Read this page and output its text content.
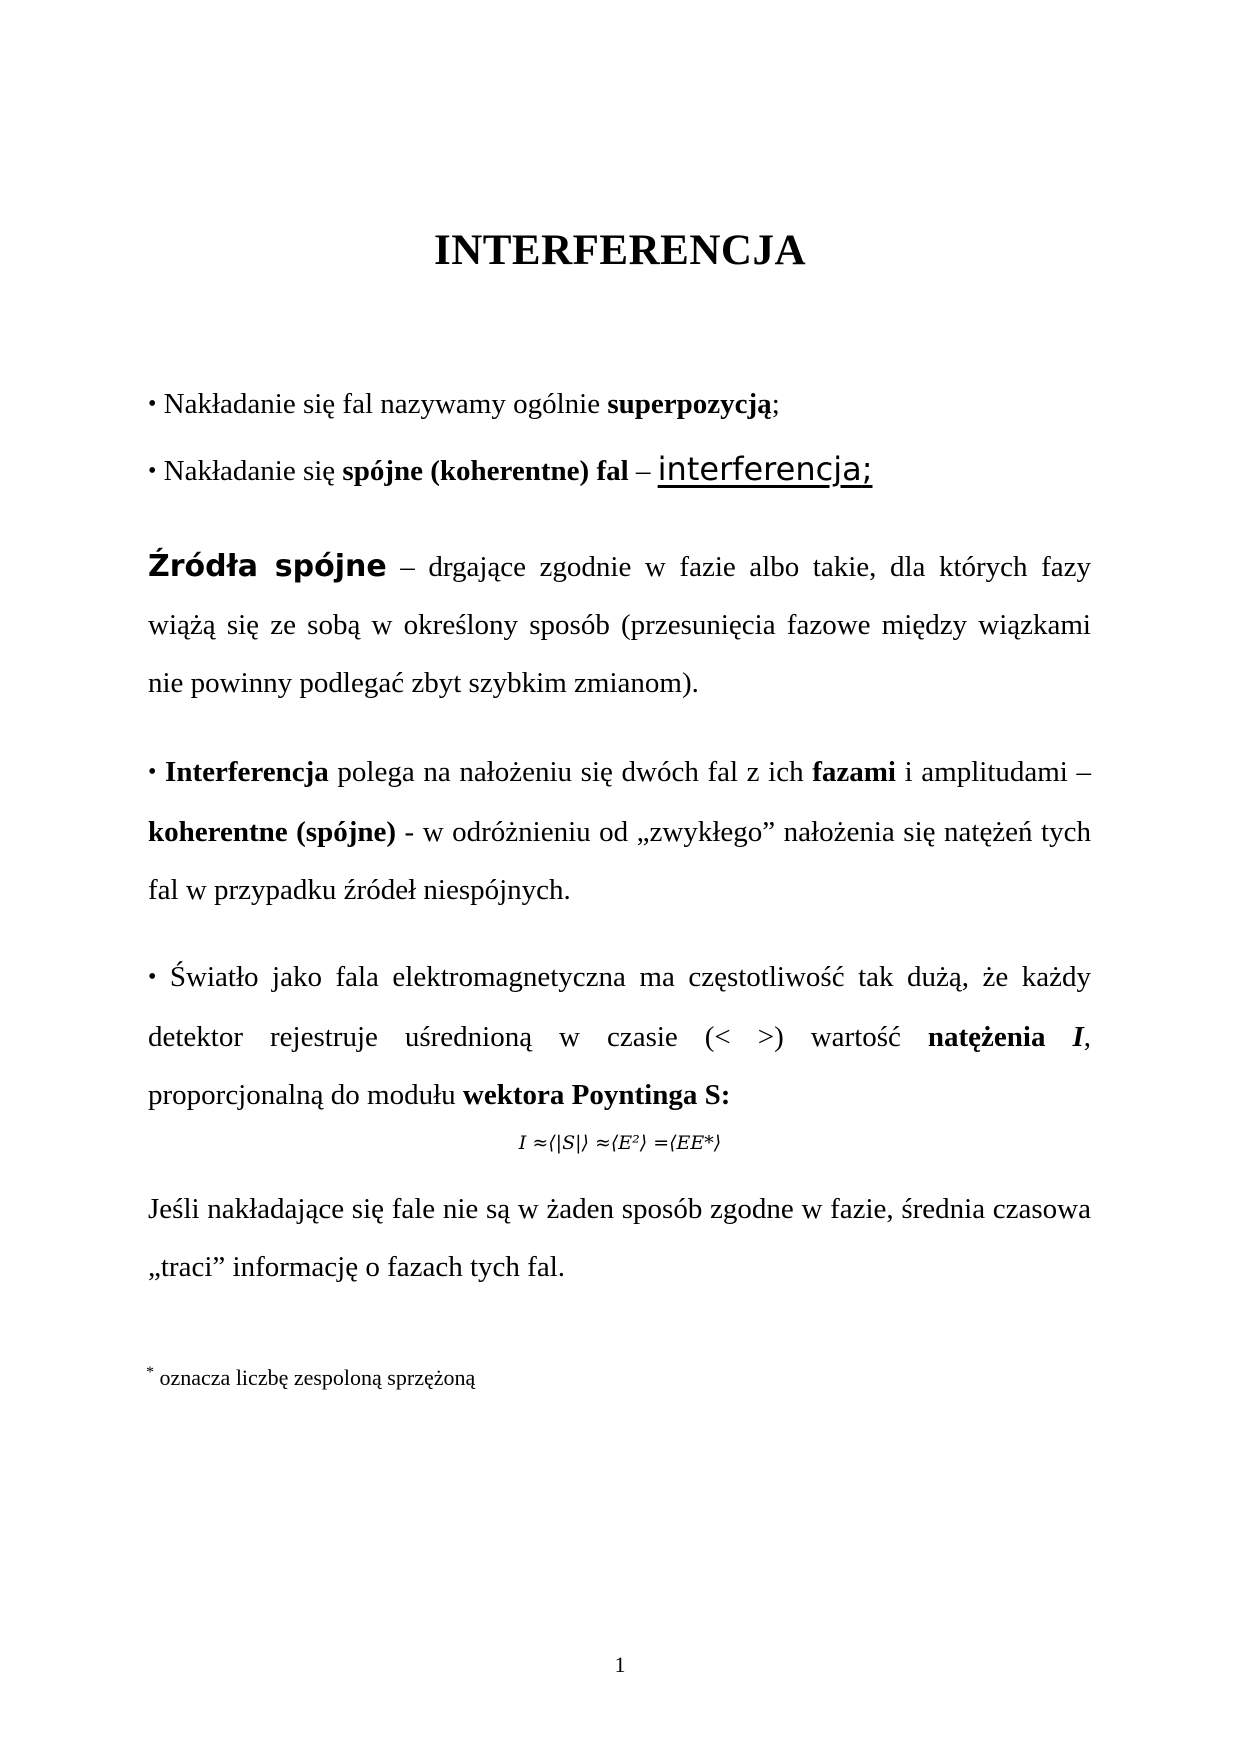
INTERFERENCJA
• Nakładanie się fal nazywamy ogólnie superpozycją;
• Nakładanie się spójne (koherentne) fal – interferencja;
Źródła spójne – drgające zgodnie w fazie albo takie, dla których fazy wiążą się ze sobą w określony sposób (przesunięcia fazowe między wiązkami nie powinny podlegać zbyt szybkim zmianom).
• Interferencja polega na nałożeniu się dwóch fal z ich fazami i amplitudami – koherentne (spójne) - w odróżnieniu od „zwykłego” nałożenia się natężeń tych fal w przypadku źródeł niespójnych.
• Światło jako fala elektromagnetyczna ma częstotliwość tak dużą, że każdy detektor rejestruje uśrednioną w czasie (< >) wartość natężenia I, proporcjonalną do modułu wektora Poyntinga S:
I ≈⟨|S|⟩ ≈⟨E²⟩ =⟨EE*⟩
Jeśli nakładające się fale nie są w żaden sposób zgodne w fazie, średnia czasowa „traci” informację o fazach tych fal.
* oznacza liczbę zespoloną sprzężoną
1
